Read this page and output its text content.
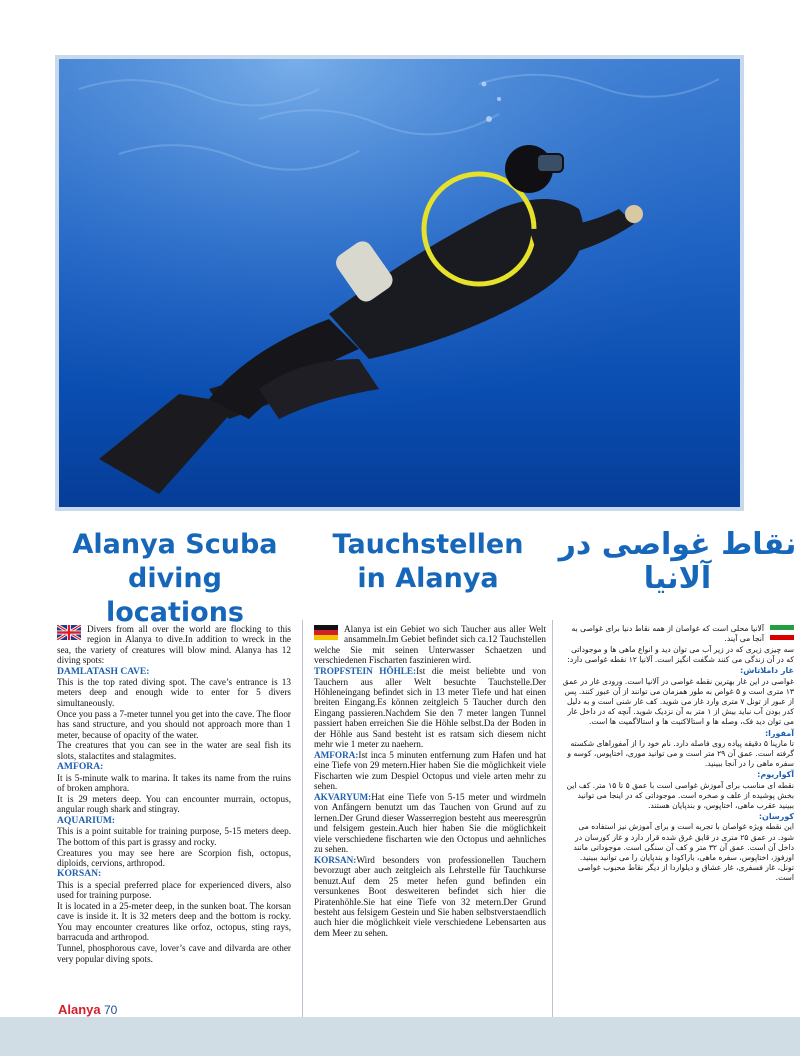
Alanya Scuba diving locations
Tauchstellen in Alanya
نقاط غواصی در آلانیا

Divers from all over the world are flocking to this region in Alanya to dive.In addition to wreck in the sea, the variety of creatures will blow mind. Alanya has 12 diving spots:

DAMLATASH CAVE:

This is the top rated diving spot. The cave’s entrance is 13 meters deep and enough wide to enter for 5 divers simultaneously.

Once you pass a 7-meter tunnel you get into the cave. The floor has sand structure, and you should not approach more than 1 meter, because of opacity of the water.

The creatures that you can see in the water are seal fish its slots, stalactites and stalagmites.

AMFORA:

It is 5-minute walk to marina. It takes its name from the ruins of broken amphora.

It is 29 meters deep. You can encounter murrain, octopus, angular rough shark and stingray.

AQUARIUM:

This is a point suitable for training purpose, 5-15 meters deep. The bottom of this part is grassy and rocky.

Creatures you may see here are Scorpion fish, octopus, diploids, cervions, arthropod.

KORSAN:

This is a special preferred place for experienced divers, also used for training purpose.

It is located in a 25-meter deep, in the sunken boat. The korsan cave is inside it. It is 32 meters deep and the bottom is rocky. You may encounter creatures like orfoz, octopus, sting rays, barracuda and arthropod.

Tunnel, phosphorous cave, lover’s cave and dilvarda are other very popular diving spots.

Alanya ist ein Gebiet wo sich Taucher aus aller Welt ansammeln.Im Gebiet befindet sich ca.12 Tauchstellen welche Sie mit seinen Unterwasser Schaetzen und verschiedenen Fischarten faszinieren wird.

TROPFSTEIN HÖHLE:Ist die meist beliebte und von Tauchern aus aller Welt besuchte Tauchstelle.Der Höhleneingang befindet sich in 13 meter Tiefe und hat einen breiten Eingang.Es können zeitgleich 5 Taucher durch den Eingang passieren.Nachdem Sie den 7 meter langen Tunnel passiert haben erreichen Sie die Höhle selbst.Da der Boden in der Höhle aus Sand besteht ist es ratsam sich diesem nicht mehr wie 1 meter zu naehern.

AMFORA:Ist inca 5 minuten entfernung zum Hafen und hat eine Tiefe von 29 metern.Hier haben Sie die möglichkeit viele Fischarten wie zum Despiel Octopus und viele arten mehr zu sehen.

AKVARYUM:Hat eine Tiefe von 5-15 meter und wirdmeln von Anfängern benutzt um das Tauchen von Grund auf zu lernen.Der Grund dieser Wasserregion besteht aus meeresgrün und felsigem gestein.Auch hier haben Sie die möglichkeit viele verschiedene fischarten wie den Octopus und aehnliches zu sehen.

KORSAN:Wird besonders von professionellen Tauchern bevorzugt aber auch zeitgleich als Lehrstelle für Tauchkurse benuzt.Auf dem 25 meter hefen gund befinden ein versunkenes Boot desweiteren befindet sich hier die PiratenhöhIe.Sie hat eine Tiefe von 32 metern.Der Grund besteht aus felsigem Gestein und Sie haben selbstverstaendlich auch hier die möglichkeit viele verschiedene Lebensarten aus dem Meer zu sehen.

آلانیا محلی است که غواصان از همه نقاط دنیا برای غواصی به آنجا می آیند.

سه چیزی زیری که در زیر آب می توان دید و انواع ماهی ها و موجوداتی که در آن زندگی می کنند شگفت انگیز است. آلانیا ۱۲ نقطه غواصی دارد:

غار داملاتاش:

غواصی در این غار بهترین نقطه غواصی در آلانیا است. ورودی غار در عمق ۱۳ متری است و ۵ غواص به طور همزمان می توانند از آن عبور کنند. پس از عبور از تونل ۷ متری وارد غار می شوید. کف غار شنی است و به دلیل کدر بودن آب نباید بیش از ۱ متر به آن نزدیک شوید. آنچه که در داخل غار می توان دید فک، وصله ها و استالاکتیت ها و استالاگمیت ها است.

آمفورا:

تا مارینا ۵ دقیقه پیاده روی فاصله دارد. نام خود را از آمفوراهای شکسته گرفته است. عمق آن ۲۹ متر است و می توانید موری، اختاپوس، کوسه و سفره ماهی را در آنجا ببینید.

آکواریوم:

نقطه ای مناسب برای آموزش غواصی است با عمق ۵ تا ۱۵ متر. کف این بخش پوشیده از علف و صخره است. موجوداتی که در اینجا می توانید ببینید عقرب ماهی، اختاپوس، و بندپایان هستند.

کورسان:

این نقطه ویژه غواصان با تجربه است و برای آموزش نیز استفاده می شود. در عمق ۲۵ متری در قایق غرق شده قرار دارد و غار کورسان در داخل آن است. عمق آن ۳۲ متر و کف آن سنگی است. موجوداتی مانند اورفوز، اختاپوس، سفره ماهی، باراکودا و بندپایان را می توانید ببینید. تونل، غار فسفری، غار عشاق و دیلواردا از دیگر نقاط محبوب غواصی است.

Alanya 70
